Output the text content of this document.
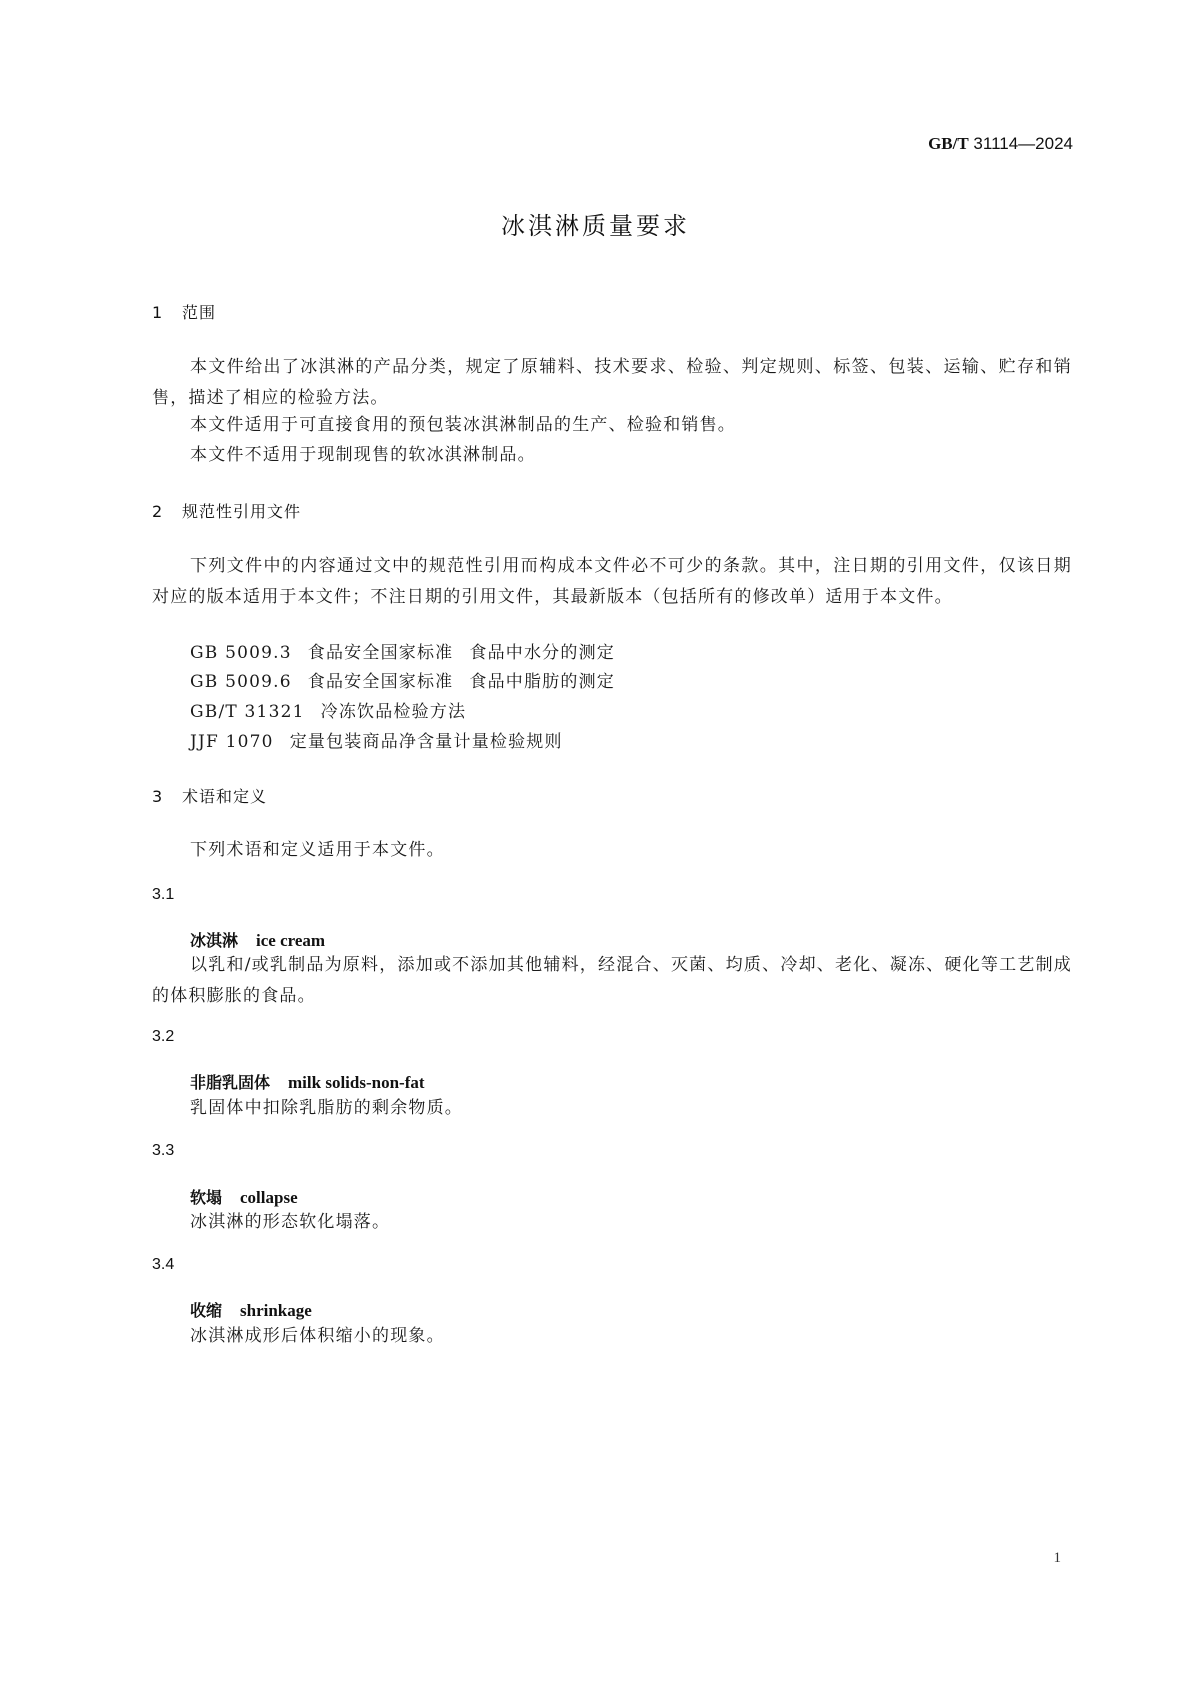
GB/T 31114—2024
冰淇淋质量要求
1 范围
本文件给出了冰淇淋的产品分类，规定了原辅料、技术要求、检验、判定规则、标签、包装、运输、贮存和销售，描述了相应的检验方法。
本文件适用于可直接食用的预包装冰淇淋制品的生产、检验和销售。
本文件不适用于现制现售的软冰淇淋制品。
2 规范性引用文件
下列文件中的内容通过文中的规范性引用而构成本文件必不可少的条款。其中，注日期的引用文件，仅该日期对应的版本适用于本文件；不注日期的引用文件，其最新版本（包括所有的修改单）适用于本文件。
GB 5009.3 食品安全国家标准 食品中水分的测定
GB 5009.6 食品安全国家标准 食品中脂肪的测定
GB/T 31321 冷冻饮品检验方法
JJF 1070 定量包装商品净含量计量检验规则
3 术语和定义
下列术语和定义适用于本文件。
3.1
冰淇淋 ice cream
以乳和/或乳制品为原料，添加或不添加其他辅料，经混合、灭菌、均质、冷却、老化、凝冻、硬化等工艺制成的体积膨胀的食品。
3.2
非脂乳固体 milk solids-non-fat
乳固体中扣除乳脂肪的剩余物质。
3.3
软塌 collapse
冰淇淋的形态软化塌落。
3.4
收缩 shrinkage
冰淇淋成形后体积缩小的现象。
1
